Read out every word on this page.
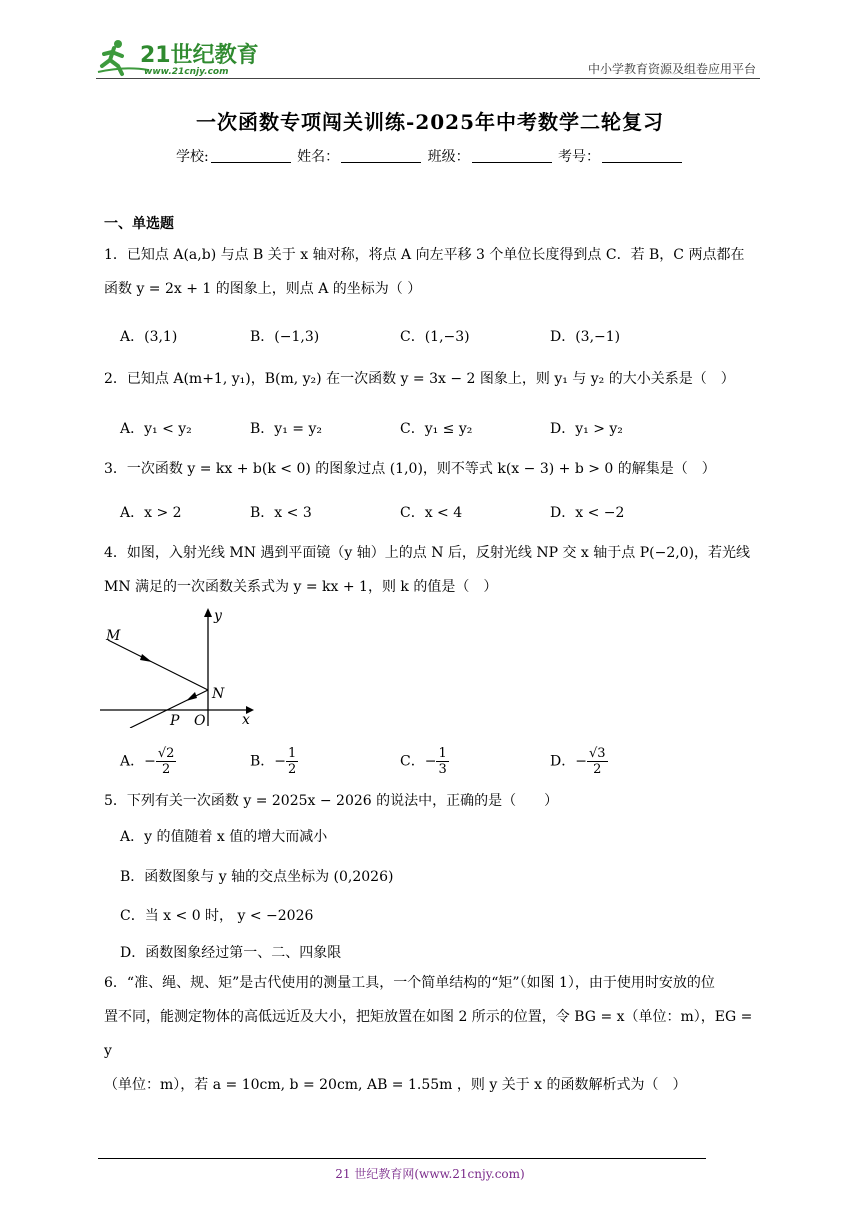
21世纪教育
www.21cnjy.com	中小学教育资源及组卷应用平台
一次函数专项闯关训练-2025年中考数学二轮复习
学校:	姓名：	班级：	考号：
一、单选题
1．已知点 A(a,b) 与点 B 关于 x 轴对称，将点 A 向左平移 3 个单位长度得到点 C．若 B，C 两点都在
函数 y = 2x + 1 的图象上，则点 A 的坐标为（ ）
A．(3,1)	B．(−1,3)	C．(1,−3)	D．(3,−1)
2．已知点 A(m+1, y₁)，B(m, y₂) 在一次函数 y = 3x − 2 图象上，则 y₁ 与 y₂ 的大小关系是（　）
A．y₁ < y₂	B．y₁ = y₂	C．y₁ ≤ y₂	D．y₁ > y₂
3．一次函数 y = kx + b(k < 0) 的图象过点 (1,0)，则不等式 k(x − 3) + b > 0 的解集是（　）
A．x > 2	B．x < 3	C．x < 4	D．x < −2
4．如图，入射光线 MN 遇到平面镜（y 轴）上的点 N 后，反射光线 NP 交 x 轴于点 P(−2,0)，若光线
MN 满足的一次函数关系式为 y = kx + 1，则 k 的值是（　）
M
N
P O	x
y
A．− $\frac{√2}{2}$	B．− $\frac{1}{2}$	C．− $\frac{1}{3}$	D．− $\frac{√3}{2}$
5．下列有关一次函数 y = 2025x − 2026 的说法中，正确的是（　　）
A．y 的值随着 x 值的增大而减小
B．函数图象与 y 轴的交点坐标为 (0,2026)
C．当 x < 0 时， y < −2026
D．函数图象经过第一、二、四象限
6．“准、绳、规、矩”是古代使用的测量工具，一个简单结构的“矩”（如图 1），由于使用时安放的位
置不同，能测定物体的高低远近及大小，把矩放置在如图 2 所示的位置，令 BG = x（单位：m），EG = y
（单位：m），若 a = 10cm, b = 20cm, AB = 1.55m ，则 y 关于 x 的函数解析式为（　）
21 世纪教育网(www.21cnjy.com)
